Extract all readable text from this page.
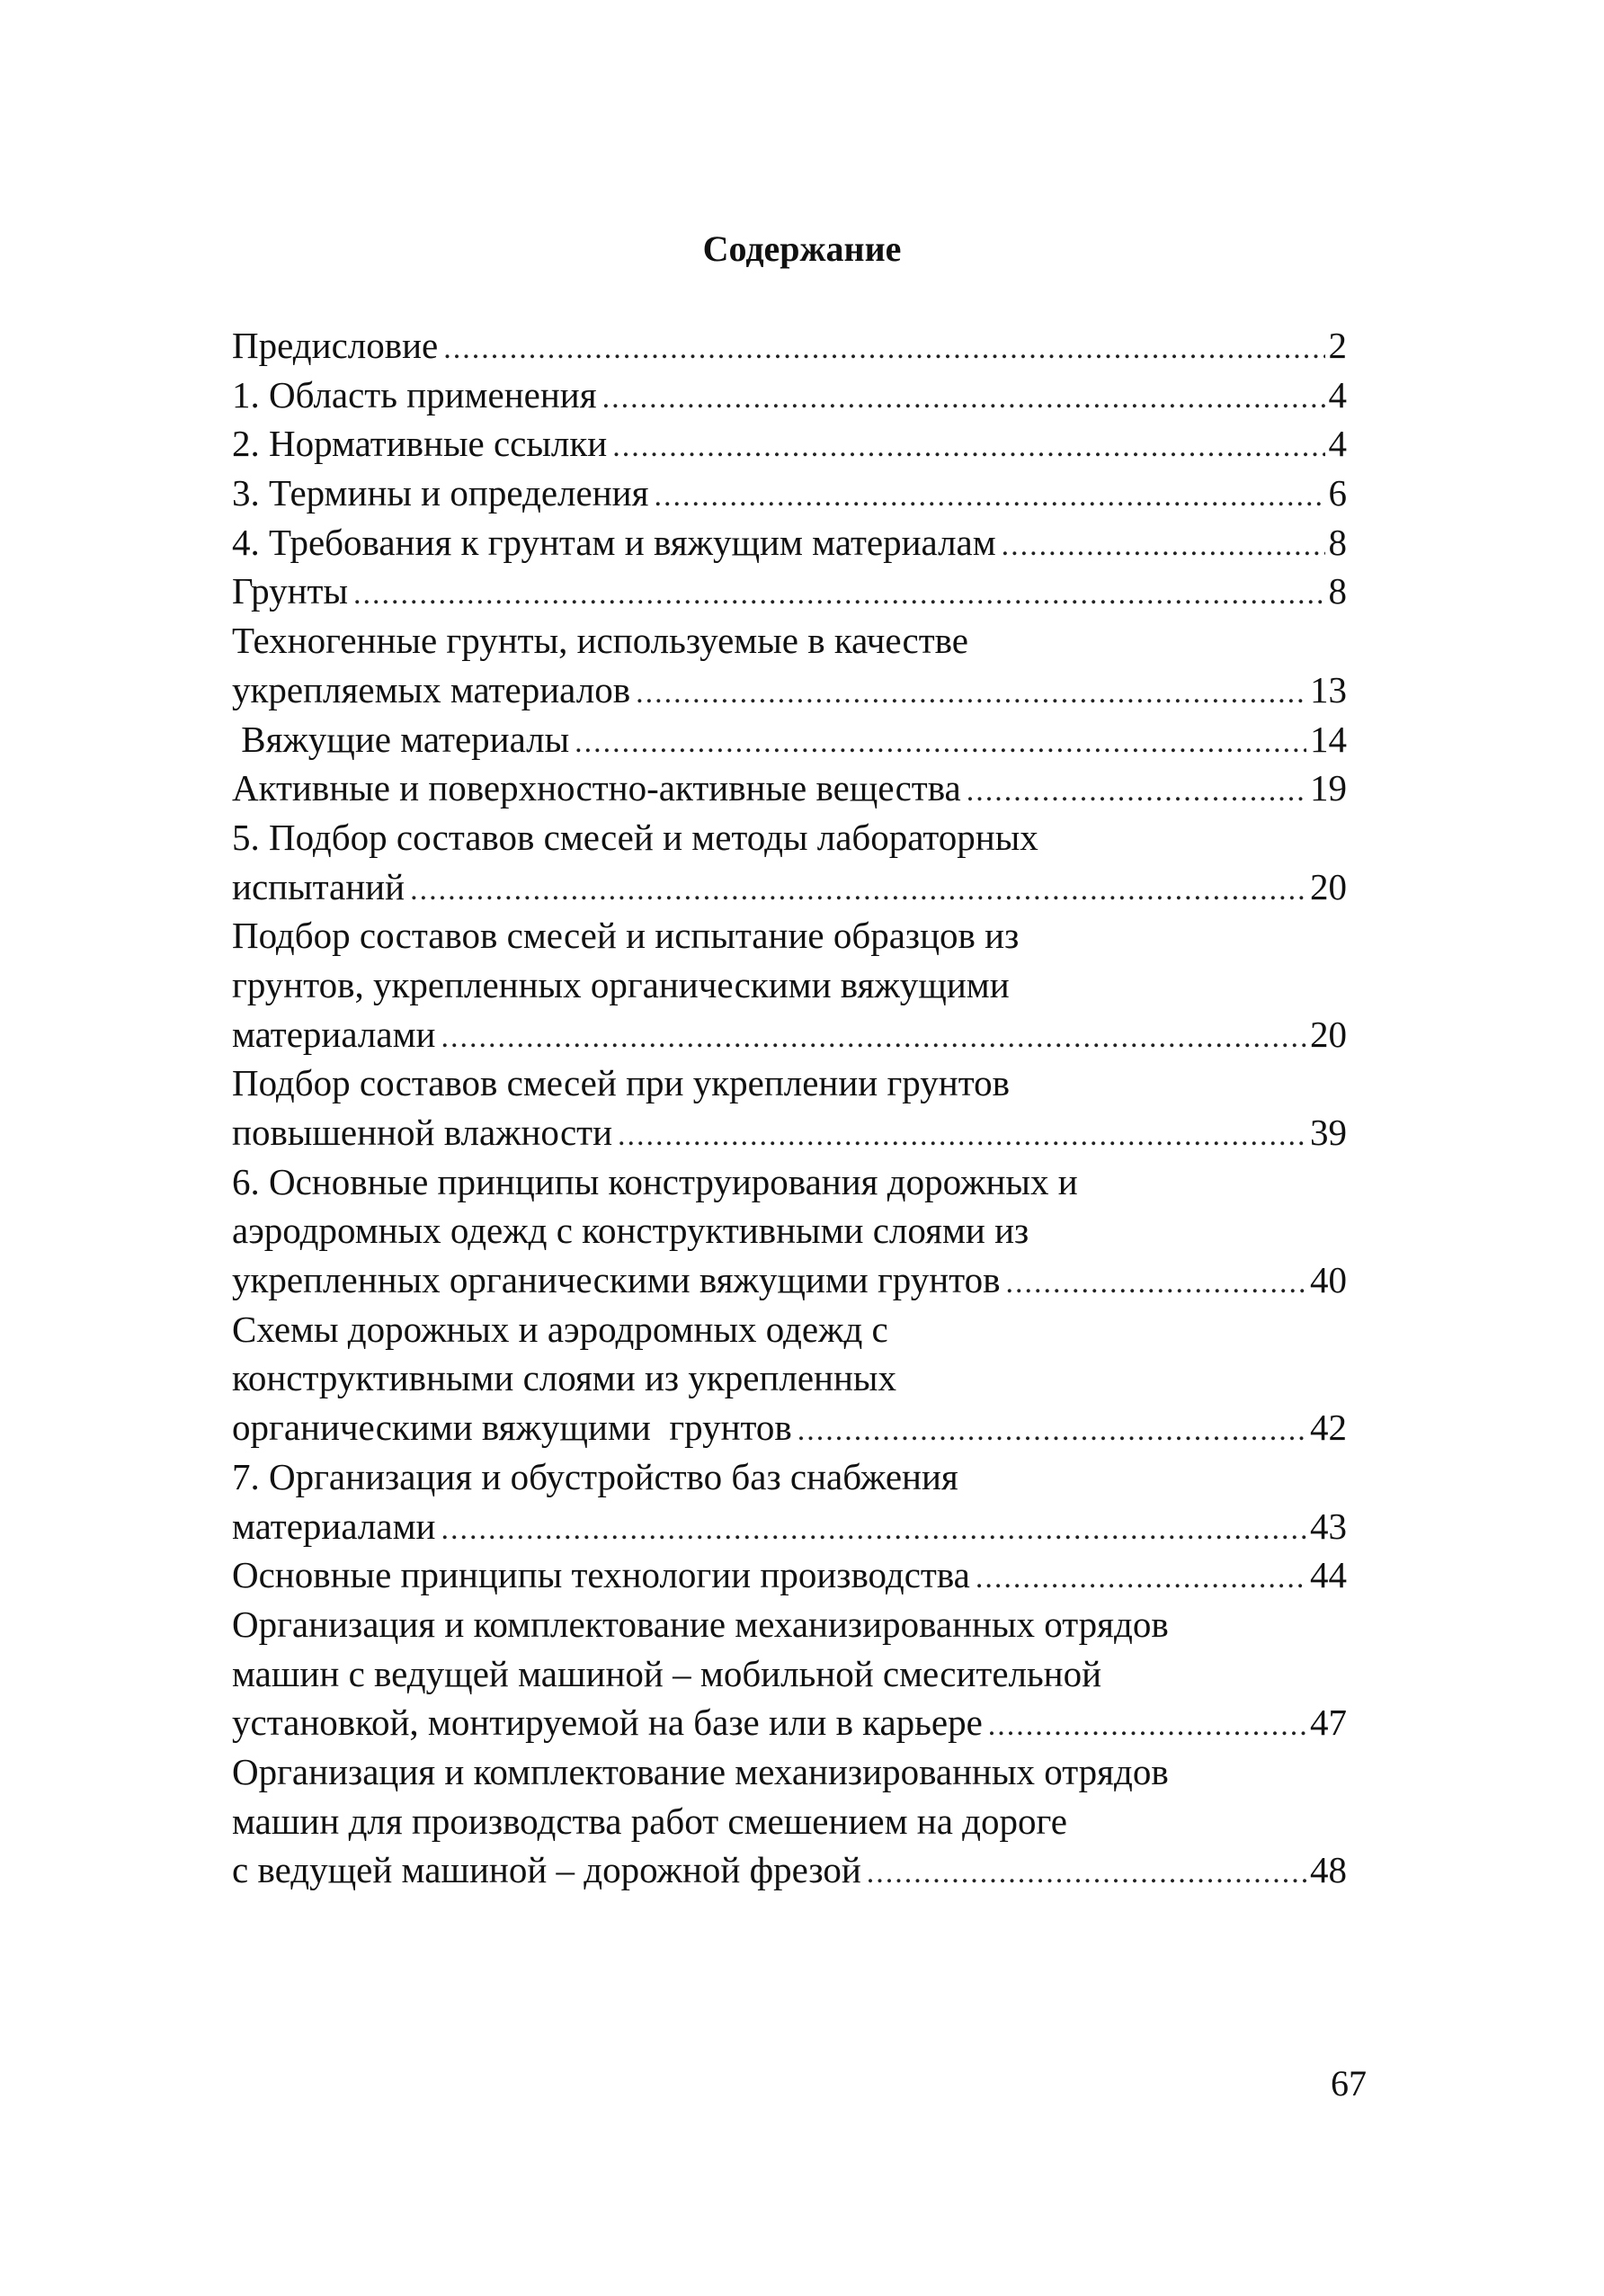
Содержание
Предисловие .....	2
1. Область применения .....	4
2. Нормативные ссылки .....	4
3. Термины и определения .....	6
4. Требования к грунтам и вяжущим материалам .....	8
Грунты .....	8
Техногенные грунты, используемые в качестве
укрепляемых материалов .....	13
Вяжущие материалы .....	14
Активные и поверхностно-активные вещества .....	19
5. Подбор составов смесей и методы лабораторных
испытаний .....	20
Подбор составов смесей и испытание образцов из
грунтов, укрепленных органическими вяжущими
материалами .....	20
Подбор составов смесей при укреплении грунтов
повышенной влажности .....	39
6. Основные принципы конструирования дорожных и
аэродромных одежд с конструктивными слоями из
укрепленных органическими вяжущими грунтов .....	40
Схемы дорожных и аэродромных одежд с
конструктивными слоями из укрепленных
органическими вяжущими  грунтов .....	42
7. Организация и обустройство баз снабжения
материалами .....	43
Основные принципы технологии производства .....	44
Организация и комплектование механизированных отрядов
машин с ведущей машиной – мобильной смесительной
установкой, монтируемой на базе или в карьере .....	47
Организация и комплектование механизированных отрядов
машин для производства работ смешением на дороге
с ведущей машиной – дорожной фрезой .....	48
67
